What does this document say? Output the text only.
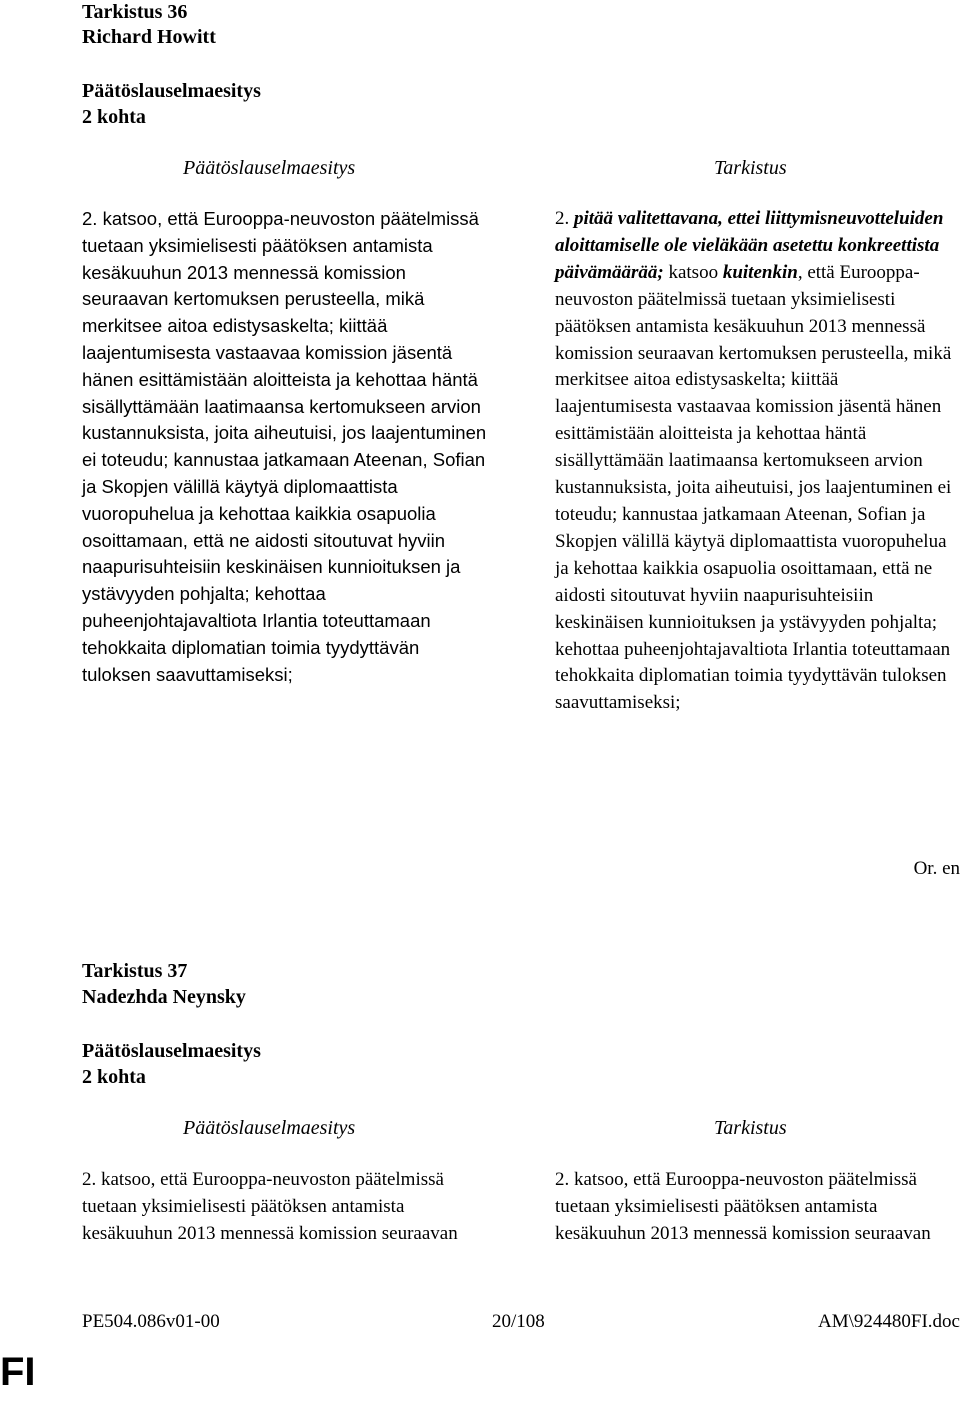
Tarkistus 36
Richard Howitt
Päätöslauselmaesitys
2 kohta
Päätöslauselmaesitys	Tarkistus
2. katsoo, että Eurooppa-neuvoston päätelmissä tuetaan yksimielisesti päätöksen antamista kesäkuuhun 2013 mennessä komission seuraavan kertomuksen perusteella, mikä merkitsee aitoa edistysaskelta; kiittää laajentumisesta vastaavaa komission jäsentä hänen esittämistään aloitteista ja kehottaa häntä sisällyttämään laatimaansa kertomukseen arvion kustannuksista, joita aiheutuisi, jos laajentuminen ei toteudu; kannustaa jatkamaan Ateenan, Sofian ja Skopjen välillä käytyä diplomaattista vuoropuhelua ja kehottaa kaikkia osapuolia osoittamaan, että ne aidosti sitoutuvat hyviin naapurisuhteisiin keskinäisen kunnioituksen ja ystävyyden pohjalta; kehottaa puheenjohtajavaltiota Irlantia toteuttamaan tehokkaita diplomatian toimia tyydyttävän tuloksen saavuttamiseksi;
2. pitää valitettavana, ettei liittymisneuvotteluiden aloittamiselle ole vieläkään asetettu konkreettista päivämäärää; katsoo kuitenkin, että Eurooppa-neuvoston päätelmissä tuetaan yksimielisesti päätöksen antamista kesäkuuhun 2013 mennessä komission seuraavan kertomuksen perusteella, mikä merkitsee aitoa edistysaskelta; kiittää laajentumisesta vastaavaa komission jäsentä hänen esittämistään aloitteista ja kehottaa häntä sisällyttämään laatimaansa kertomukseen arvion kustannuksista, joita aiheutuisi, jos laajentuminen ei toteudu; kannustaa jatkamaan Ateenan, Sofian ja Skopjen välillä käytyä diplomaattista vuoropuhelua ja kehottaa kaikkia osapuolia osoittamaan, että ne aidosti sitoutuvat hyviin naapurisuhteisiin keskinäisen kunnioituksen ja ystävyyden pohjalta; kehottaa puheenjohtajavaltiota Irlantia toteuttamaan tehokkaita diplomatian toimia tyydyttävän tuloksen saavuttamiseksi;
Or. en
Tarkistus 37
Nadezhda Neynsky
Päätöslauselmaesitys
2 kohta
Päätöslauselmaesitys	Tarkistus
2. katsoo, että Eurooppa-neuvoston päätelmissä tuetaan yksimielisesti päätöksen antamista kesäkuuhun 2013 mennessä komission seuraavan
2. katsoo, että Eurooppa-neuvoston päätelmissä tuetaan yksimielisesti päätöksen antamista kesäkuuhun 2013 mennessä komission seuraavan
PE504.086v01-00	20/108	AM\924480FI.doc
FI
